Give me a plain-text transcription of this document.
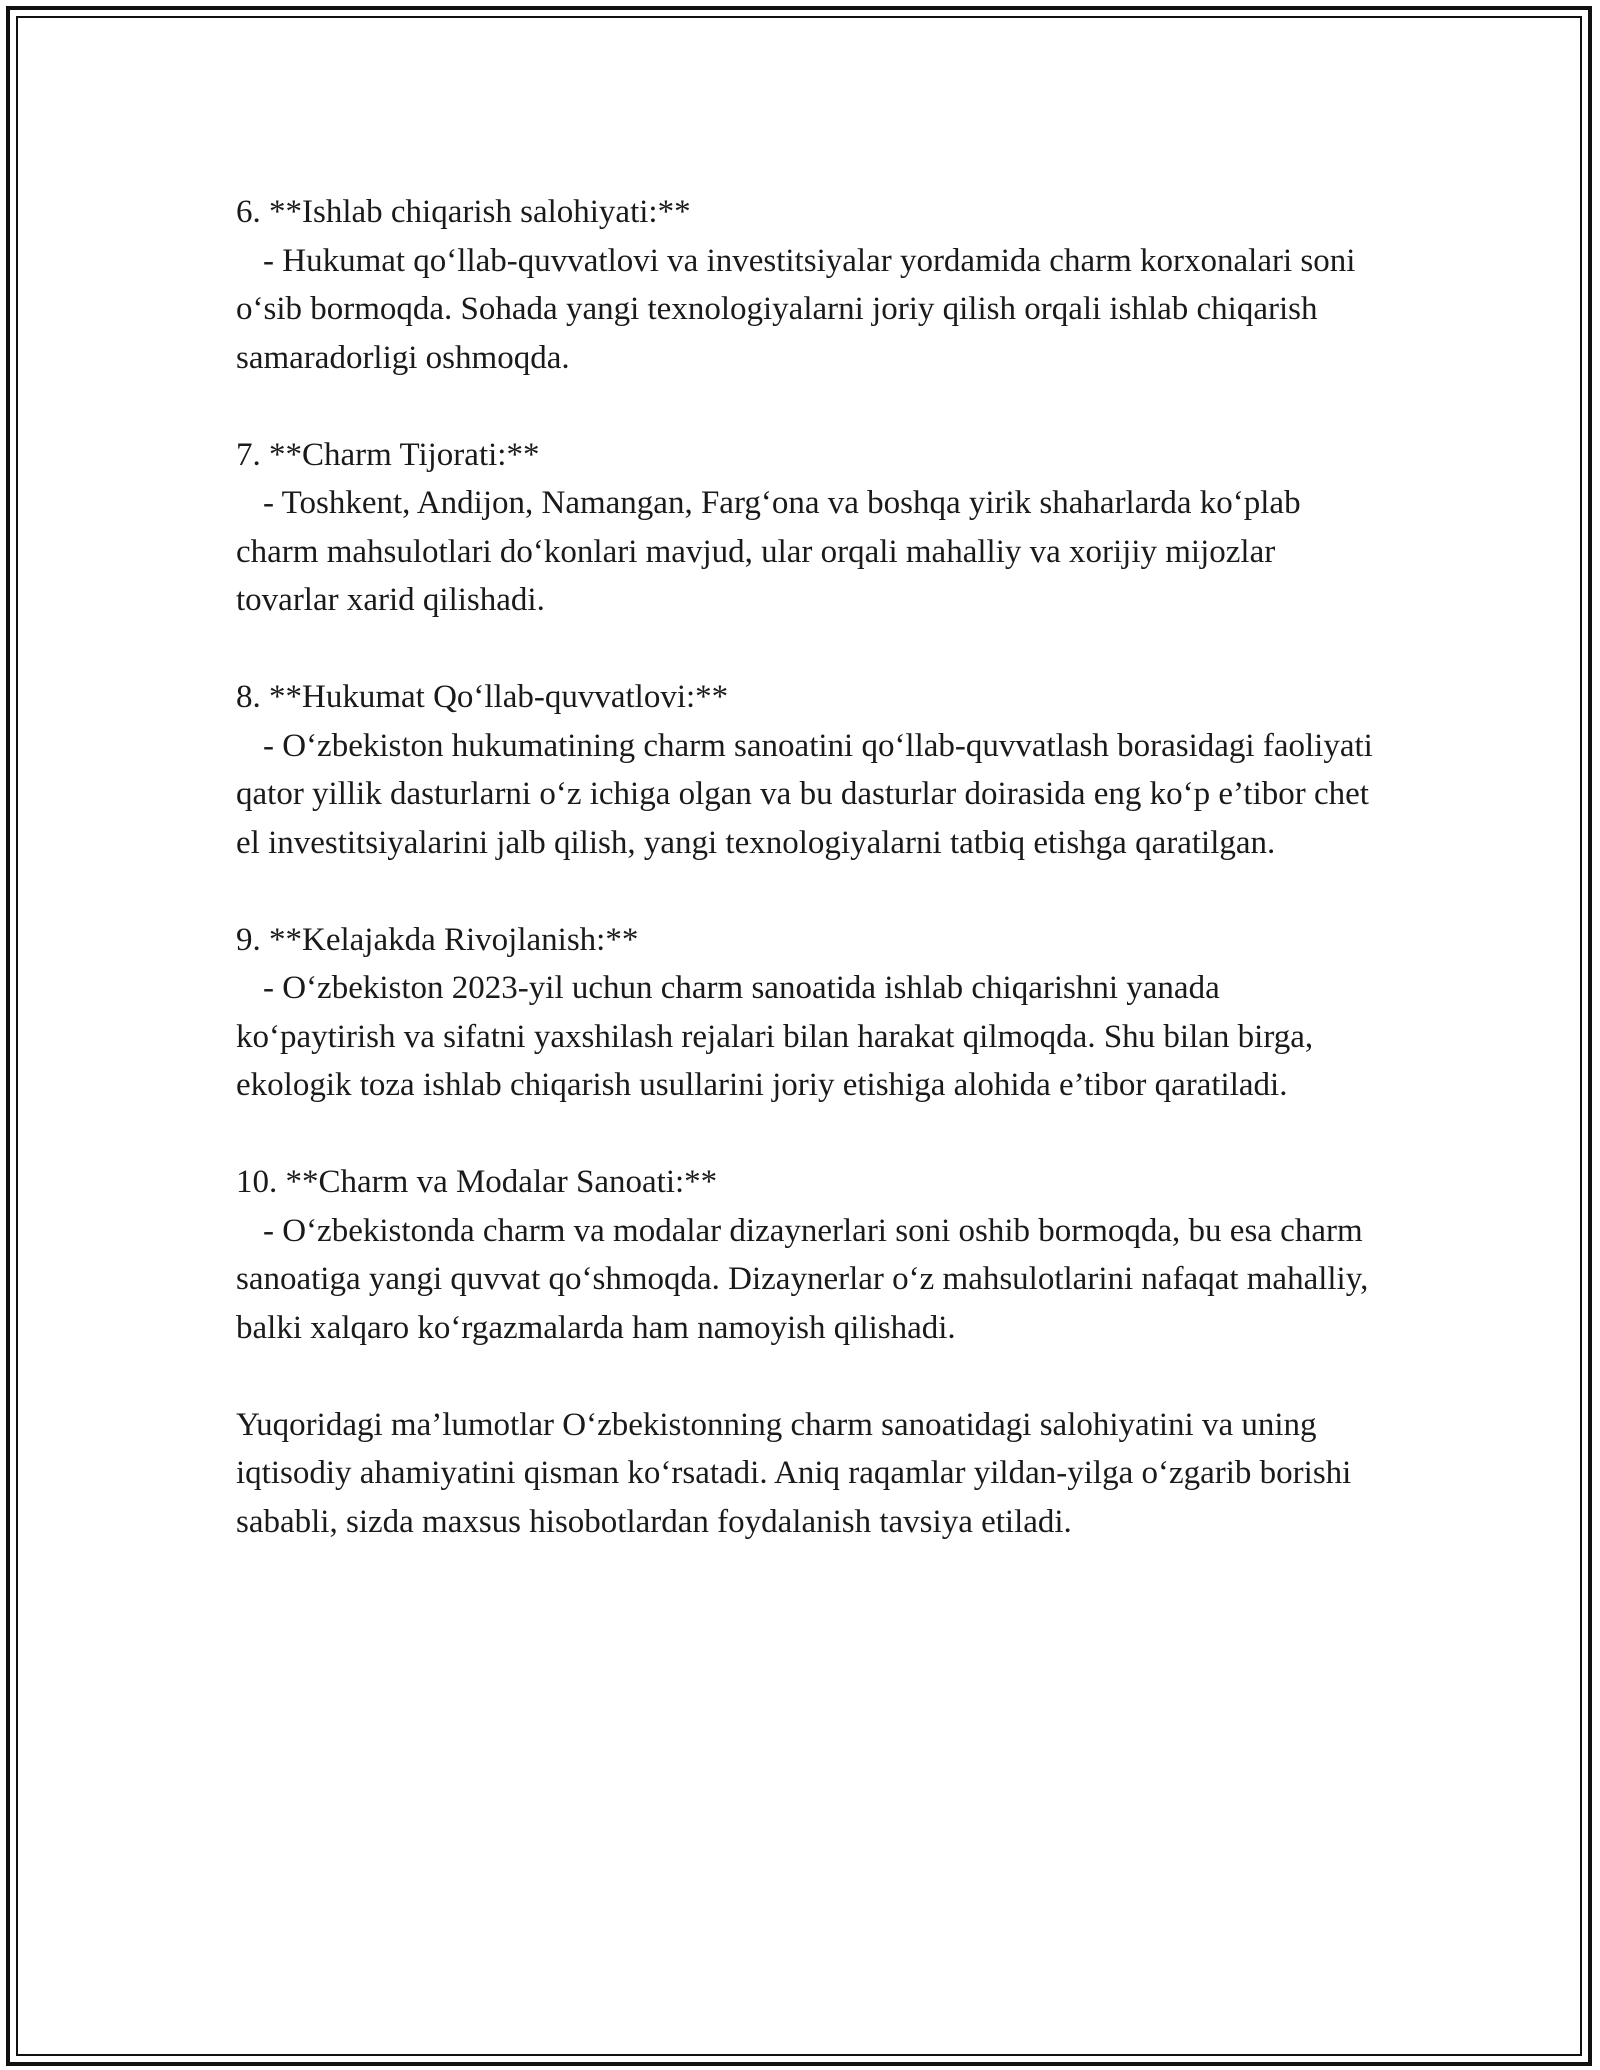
6. **Ishlab chiqarish salohiyati:**

- Hukumat qo‘llab-quvvatlovi va investitsiyalar yordamida charm korxonalari soni o‘sib bormoqda. Sohada yangi texnologiyalarni joriy qilish orqali ishlab chiqarish samaradorligi oshmoqda.

7. **Charm Tijorati:**

- Toshkent, Andijon, Namangan, Farg‘ona va boshqa yirik shaharlarda ko‘plab charm mahsulotlari do‘konlari mavjud, ular orqali mahalliy va xorijiy mijozlar tovarlar xarid qilishadi.

8. **Hukumat Qo‘llab-quvvatlovi:**

- O‘zbekiston hukumatining charm sanoatini qo‘llab-quvvatlash borasidagi faoliyati qator yillik dasturlarni o‘z ichiga olgan va bu dasturlar doirasida eng ko‘p e’tibor chet el investitsiyalarini jalb qilish, yangi texnologiyalarni tatbiq etishga qaratilgan.

9. **Kelajakda Rivojlanish:**

- O‘zbekiston 2023-yil uchun charm sanoatida ishlab chiqarishni yanada ko‘paytirish va sifatni yaxshilash rejalari bilan harakat qilmoqda. Shu bilan birga, ekologik toza ishlab chiqarish usullarini joriy etishiga alohida e’tibor qaratiladi.

10. **Charm va Modalar Sanoati:**

- O‘zbekistonda charm va modalar dizaynerlari soni oshib bormoqda, bu esa charm sanoatiga yangi quvvat qo‘shmoqda. Dizaynerlar o‘z mahsulotlarini nafaqat mahalliy, balki xalqaro ko‘rgazmalarda ham namoyish qilishadi.

Yuqoridagi ma’lumotlar O‘zbekistonning charm sanoatidagi salohiyatini va uning iqtisodiy ahamiyatini qisman ko‘rsatadi. Aniq raqamlar yildan-yilga o‘zgarib borishi sababli, sizda maxsus hisobotlardan foydalanish tavsiya etiladi.
